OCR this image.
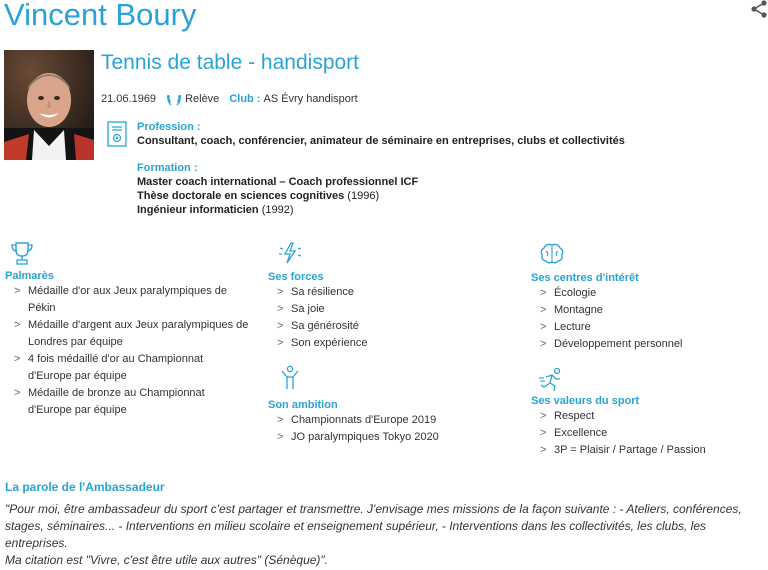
Vincent Boury
Tennis de table - handisport
21.06.1969	Relève Club : AS Évry handisport
Profession :
Consultant, coach, conférencier, animateur de séminaire en entreprises, clubs et collectivités
Formation :
Master coach international – Coach professionnel ICF
Thèse doctorale en sciences cognitives (1996)
Ingénieur informaticien (1992)
Palmarès
> Médaille d'or aux Jeux paralympiques de Pékin
> Médaille d'argent aux Jeux paralympiques de Londres par équipe
> 4 fois médaillé d'or au Championnat d'Europe par équipe
> Médaille de bronze au Championnat d'Europe par équipe
Ses forces
> Sa résilience
> Sa joie
> Sa générosité
> Son expérience
Son ambition
> Championnats d'Europe 2019
> JO paralympiques Tokyo 2020
Ses centres d'intérêt
> Écologie
> Montagne
> Lecture
> Développement personnel
Ses valeurs du sport
> Respect
> Excellence
> 3P = Plaisir / Partage / Passion
La parole de l'Ambassadeur

"Pour moi, être ambassadeur du sport c'est partager et transmettre. J'envisage mes missions de la façon suivante : - Ateliers, conférences, stages, séminaires... - Interventions en milieu scolaire et enseignement supérieur, - Interventions dans les collectivités, les clubs, les entreprises.

Ma citation est "Vivre, c'est être utile aux autres" (Sénèque)".
